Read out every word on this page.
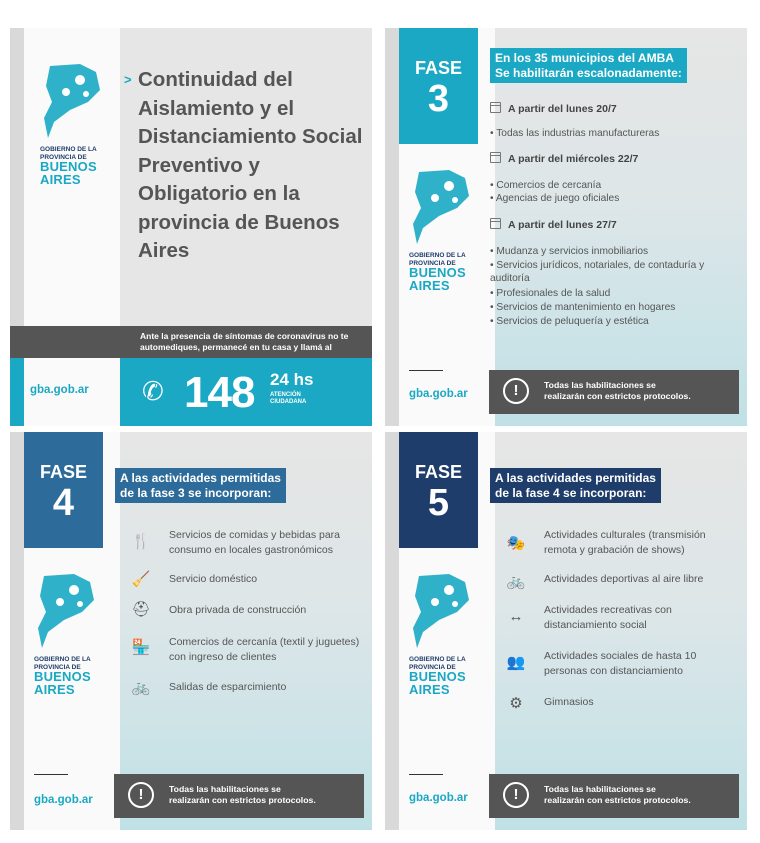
GOBIERNO DE LA
PROVINCIA DE
BUENOS
AIRES
> Continuidad del Aislamiento y el Distanciamiento Social Preventivo y Obligatorio en la provincia de Buenos Aires
Ante la presencia de síntomas de coronavirus no te automediques, permanecé en tu casa y llamá al
gba.gob.ar ✆ 148 24 hs
ATENCIÓN
CIUDADANA
FASE
3
GOBIERNO DE LA
PROVINCIA DE
BUENOS
AIRES
gba.gob.ar
En los 35 municipios del AMBA
Se habilitarán escalonadamente:
A partir del lunes 20/7
• Todas las industrias manufactureras
A partir del miércoles 22/7
• Comercios de cercanía
• Agencias de juego oficiales
A partir del lunes 27/7
• Mudanza y servicios inmobiliarios
• Servicios jurídicos, notariales, de contaduría y auditoría
• Profesionales de la salud
• Servicios de mantenimiento en hogares
• Servicios de peluquería y estética
!	Todas las habilitaciones se
realizarán con estrictos protocolos.
FASE
4
GOBIERNO DE LA
PROVINCIA DE
BUENOS
AIRES
gba.gob.ar
A las actividades permitidas
de la fase 3 se incorporan:
🍴 Servicios de comidas y bebidas para consumo en locales gastronómicos
🧹 Servicio doméstico
⛑ Obra privada de construcción
🏪 Comercios de cercanía (textil y juguetes) con ingreso de clientes
🚲 Salidas de esparcimiento
!	Todas las habilitaciones se
realizarán con estrictos protocolos.
FASE
5
GOBIERNO DE LA
PROVINCIA DE
BUENOS
AIRES
gba.gob.ar
A las actividades permitidas
de la fase 4 se incorporan:
🎭 Actividades culturales (transmisión remota y grabación de shows)
🚲 Actividades deportivas al aire libre
↔	Actividades recreativas con distanciamiento social
👥 Actividades sociales de hasta 10 personas con distanciamiento
⚙	Gimnasios
!	Todas las habilitaciones se
realizarán con estrictos protocolos.
